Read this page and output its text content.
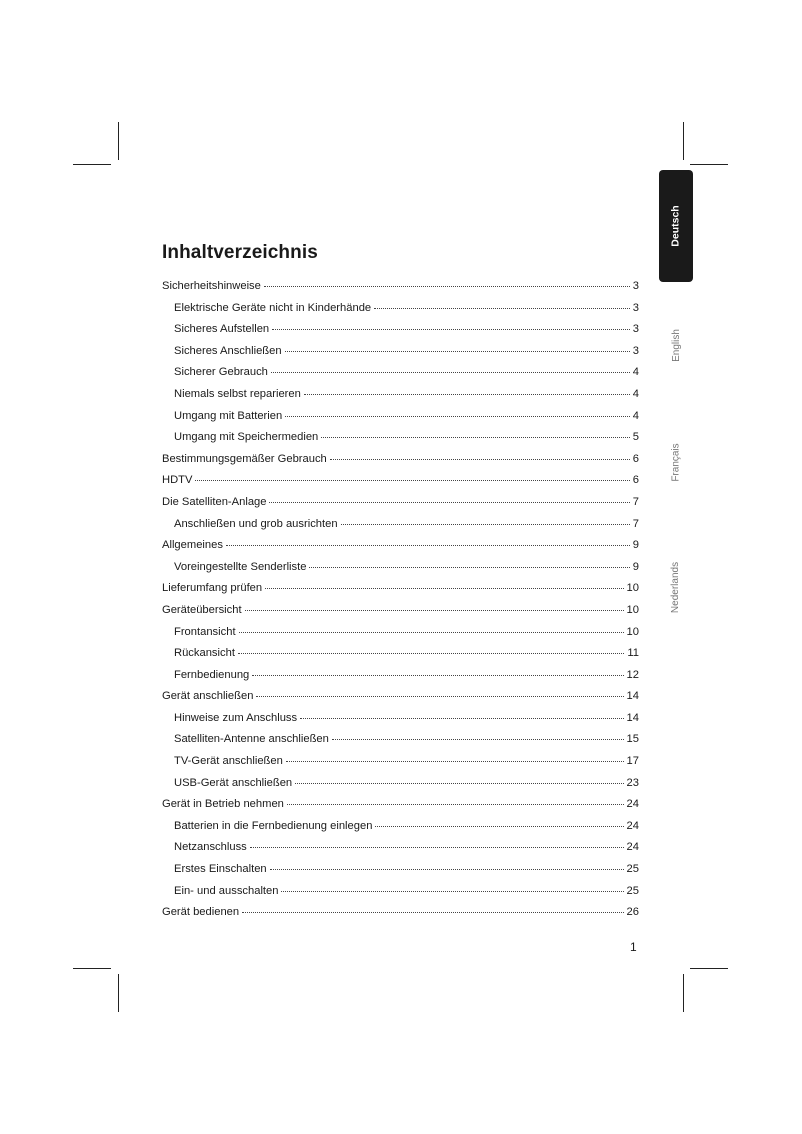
Inhaltverzeichnis
Sicherheitshinweise	3
Elektrische Geräte nicht in Kinderhände	3
Sicheres Aufstellen	3
Sicheres Anschließen	3
Sicherer Gebrauch	4
Niemals selbst reparieren	4
Umgang mit Batterien	4
Umgang mit Speichermedien	5
Bestimmungsgemäßer Gebrauch	6
HDTV	6
Die Satelliten-Anlage	7
Anschließen und grob ausrichten	7
Allgemeines	9
Voreingestellte Senderliste	9
Lieferumfang prüfen	10
Geräteübersicht	10
Frontansicht	10
Rückansicht	11
Fernbedienung	12
Gerät anschließen	14
Hinweise zum Anschluss	14
Satelliten-Antenne anschließen	15
TV-Gerät anschließen	17
USB-Gerät anschließen	23
Gerät in Betrieb nehmen	24
Batterien in die Fernbedienung einlegen	24
Netzanschluss	24
Erstes Einschalten	25
Ein- und ausschalten	25
Gerät bedienen	26
1
Deutsch
English
Français
Nederlands
